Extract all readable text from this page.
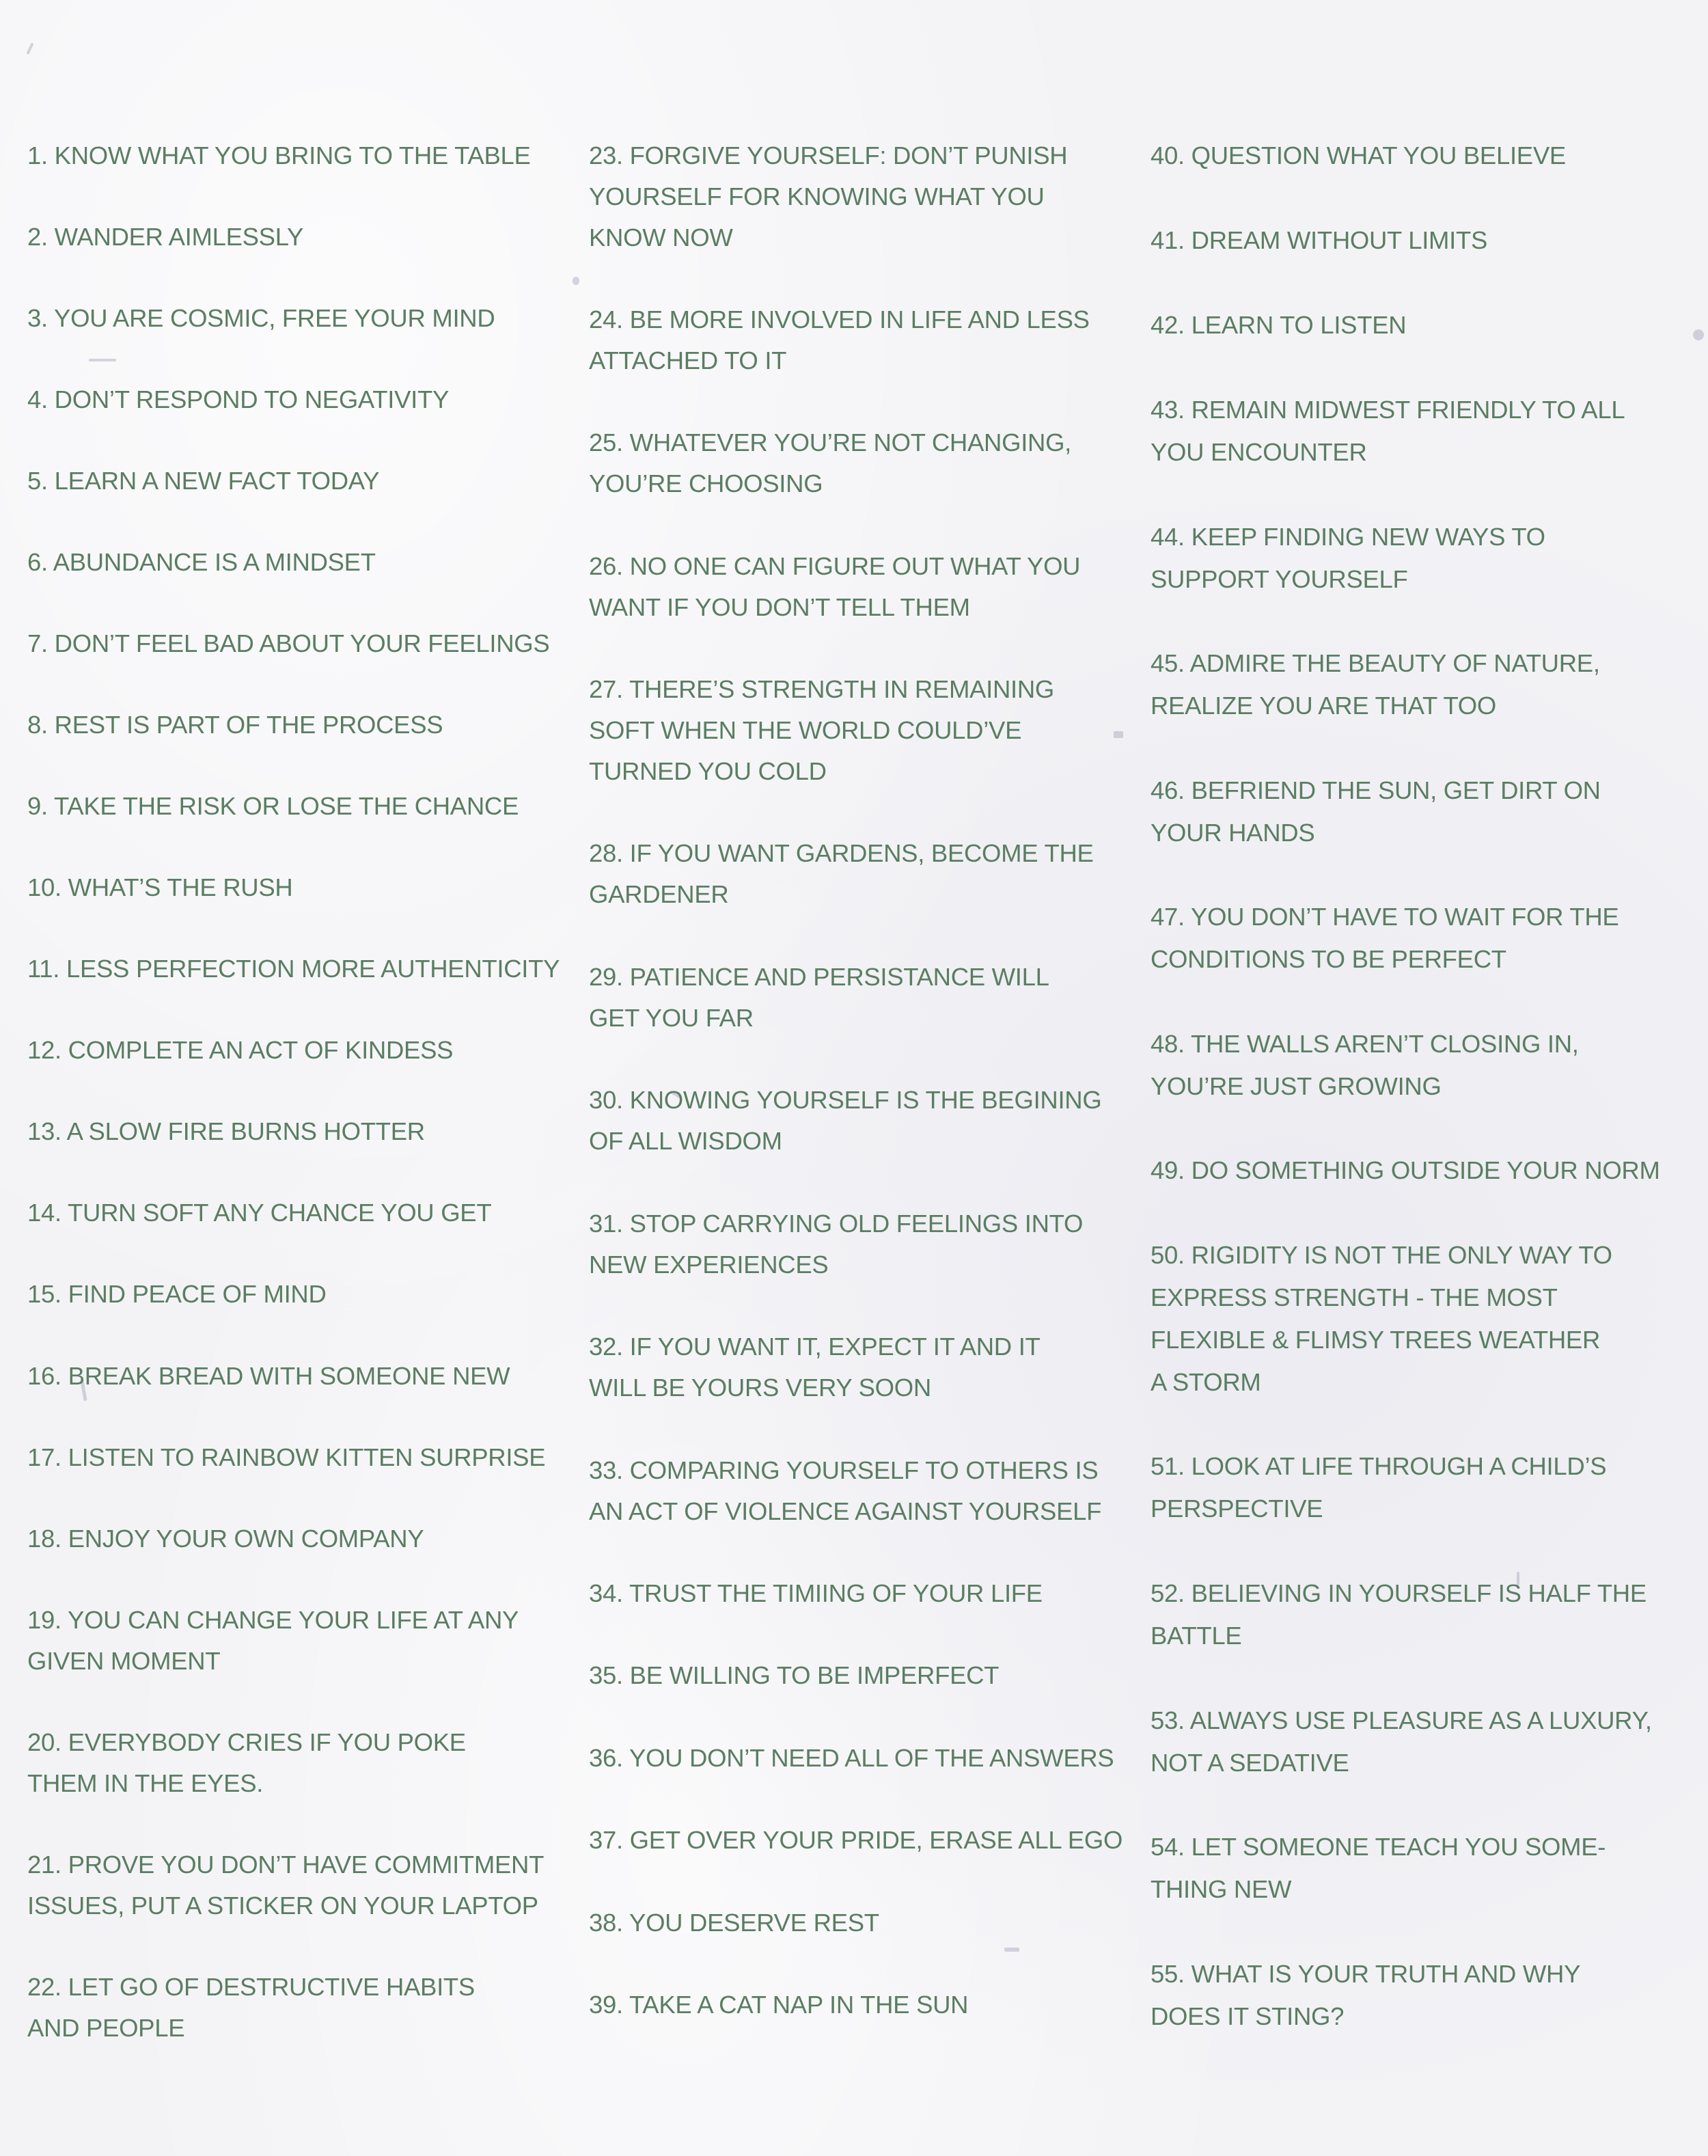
1. KNOW WHAT YOU BRING TO THE TABLE

2. WANDER AIMLESSLY

3. YOU ARE COSMIC, FREE YOUR MIND

4. DON’T RESPOND TO NEGATIVITY

5. LEARN A NEW FACT TODAY

6. ABUNDANCE IS A MINDSET

7. DON’T FEEL BAD ABOUT YOUR FEELINGS

8. REST IS PART OF THE PROCESS

9. TAKE THE RISK OR LOSE THE CHANCE

10. WHAT’S THE RUSH

11. LESS PERFECTION MORE AUTHENTICITY

12. COMPLETE AN ACT OF KINDESS

13. A SLOW FIRE BURNS HOTTER

14. TURN SOFT ANY CHANCE YOU GET

15. FIND PEACE OF MIND

16. BREAK BREAD WITH SOMEONE NEW

17. LISTEN TO RAINBOW KITTEN SURPRISE

18. ENJOY YOUR OWN COMPANY

19. YOU CAN CHANGE YOUR LIFE AT ANY
GIVEN MOMENT

20. EVERYBODY CRIES IF YOU POKE
THEM IN THE EYES.

21. PROVE YOU DON’T HAVE COMMITMENT
ISSUES, PUT A STICKER ON YOUR LAPTOP

22. LET GO OF DESTRUCTIVE HABITS
AND PEOPLE

23. FORGIVE YOURSELF: DON’T PUNISH
YOURSELF FOR KNOWING WHAT YOU
KNOW NOW

24. BE MORE INVOLVED IN LIFE AND LESS
ATTACHED TO IT

25. WHATEVER YOU’RE NOT CHANGING,
YOU’RE CHOOSING

26. NO ONE CAN FIGURE OUT WHAT YOU
WANT IF YOU DON’T TELL THEM

27. THERE’S STRENGTH IN REMAINING
SOFT WHEN THE WORLD COULD’VE
TURNED YOU COLD

28. IF YOU WANT GARDENS, BECOME THE
GARDENER

29. PATIENCE AND PERSISTANCE WILL
GET YOU FAR

30. KNOWING YOURSELF IS THE BEGINING
OF ALL WISDOM

31. STOP CARRYING OLD FEELINGS INTO
NEW EXPERIENCES

32. IF YOU WANT IT, EXPECT IT AND IT
WILL BE YOURS VERY SOON

33. COMPARING YOURSELF TO OTHERS IS
AN ACT OF VIOLENCE AGAINST YOURSELF

34. TRUST THE TIMIING OF YOUR LIFE

35. BE WILLING TO BE IMPERFECT

36. YOU DON’T NEED ALL OF THE ANSWERS

37. GET OVER YOUR PRIDE, ERASE ALL EGO

38. YOU DESERVE REST

39. TAKE A CAT NAP IN THE SUN

40. QUESTION WHAT YOU BELIEVE

41. DREAM WITHOUT LIMITS

42. LEARN TO LISTEN

43. REMAIN MIDWEST FRIENDLY TO ALL
YOU ENCOUNTER

44. KEEP FINDING NEW WAYS TO
SUPPORT YOURSELF

45. ADMIRE THE BEAUTY OF NATURE,
REALIZE YOU ARE THAT TOO

46. BEFRIEND THE SUN, GET DIRT ON
YOUR HANDS

47. YOU DON’T HAVE TO WAIT FOR THE
CONDITIONS TO BE PERFECT

48. THE WALLS AREN’T CLOSING IN,
YOU’RE JUST GROWING

49. DO SOMETHING OUTSIDE YOUR NORM

50. RIGIDITY IS NOT THE ONLY WAY TO
EXPRESS STRENGTH - THE MOST
FLEXIBLE & FLIMSY TREES WEATHER
A STORM

51. LOOK AT LIFE THROUGH A CHILD’S
PERSPECTIVE

52. BELIEVING IN YOURSELF IS HALF THE
BATTLE

53. ALWAYS USE PLEASURE AS A LUXURY,
NOT A SEDATIVE

54. LET SOMEONE TEACH YOU SOME-
THING NEW

55. WHAT IS YOUR TRUTH AND WHY
DOES IT STING?
